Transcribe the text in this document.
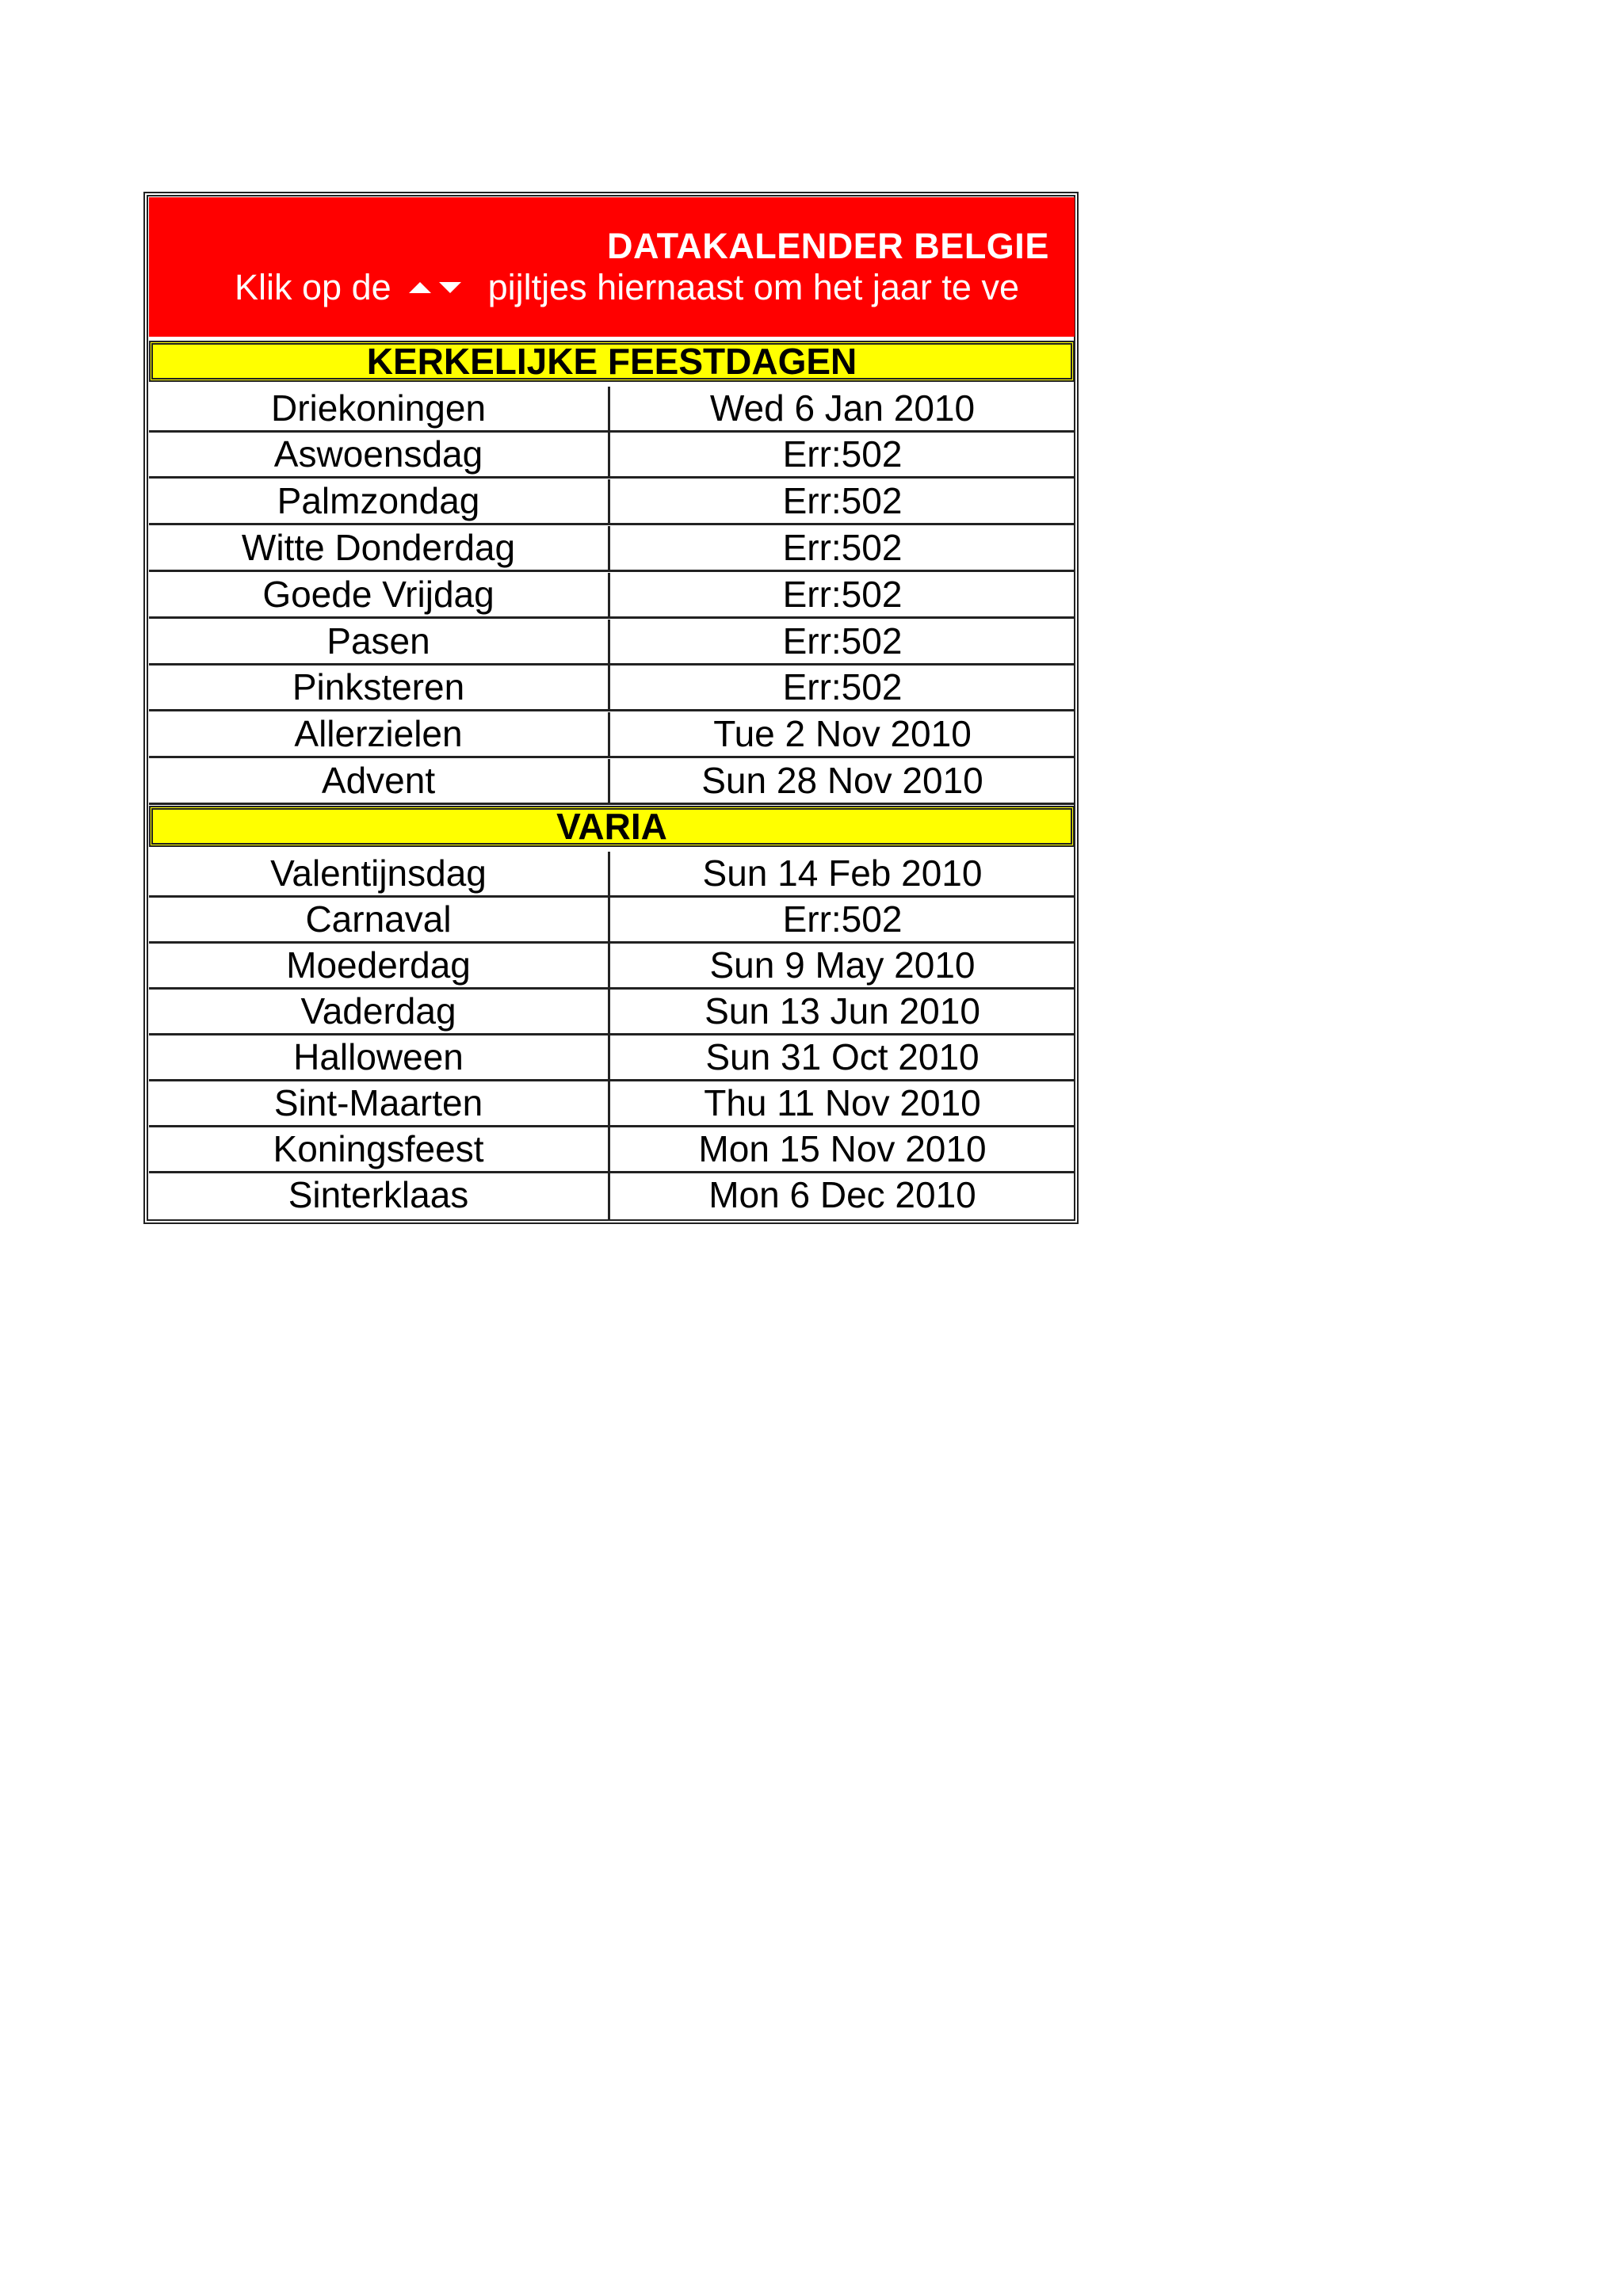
DATAKALENDER BELGIE
Klik op de	pijltjes hiernaast om het jaar te ve
KERKELIJKE FEESTDAGEN
Driekoningen	Wed 6 Jan 2010
Aswoensdag	Err:502
Palmzondag	Err:502
Witte Donderdag	Err:502
Goede Vrijdag	Err:502
Pasen	Err:502
Pinksteren	Err:502
Allerzielen	Tue 2 Nov 2010
Advent	Sun 28 Nov 2010
VARIA
Valentijnsdag	Sun 14 Feb 2010
Carnaval	Err:502
Moederdag	Sun 9 May 2010
Vaderdag	Sun 13 Jun 2010
Halloween	Sun 31 Oct 2010
Sint-Maarten	Thu 11 Nov 2010
Koningsfeest	Mon 15 Nov 2010
Sinterklaas	Mon 6 Dec 2010
